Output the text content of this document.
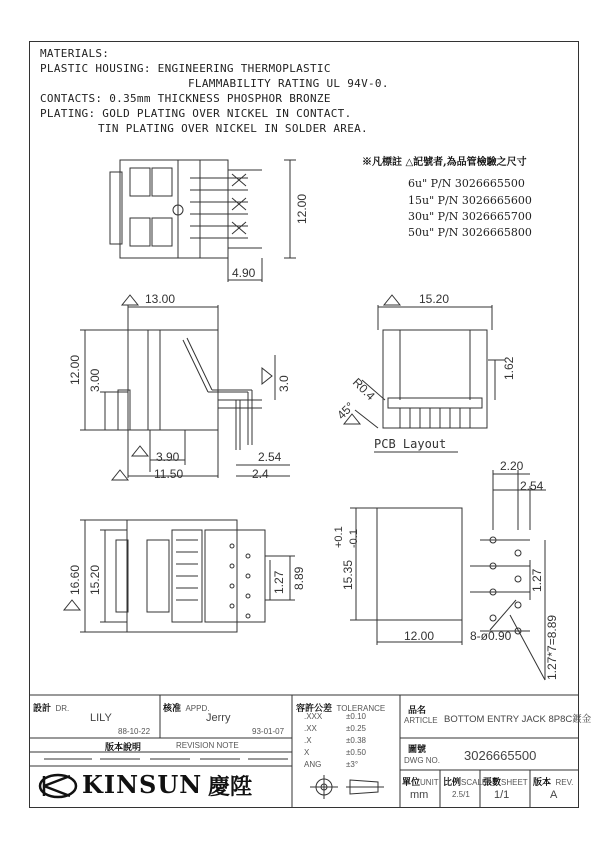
MATERIALS:
PLASTIC HOUSING: ENGINEERING THERMOPLASTIC
FLAMMABILITY RATING UL 94V-0.
CONTACTS: 0.35mm THICKNESS PHOSPHOR BRONZE
PLATING: GOLD PLATING OVER NICKEL IN CONTACT.
TIN PLATING OVER NICKEL IN SOLDER AREA.
※凡標註 △記號者,為品管檢驗之尺寸
6u" P/N 3026665500
15u" P/N 3026665600
30u" P/N 3026665700
50u" P/N 3026665800
12.00
4.90
13.00
12.00 3.00	3.0
3.90
11.50
2.54
2.4
15.20
1.62
R0.4
45°
PCB Layout
16.60 15.20	1.27 8.89
2.20
2.54
15.35
+0.1 -0.1
12.00
1.27
8-ø0.90	1.27*7=8.89
設計 DR.
LILY
88-10-22
核准 APPD.
Jerry
93-01-07
版本說明	REVISION NOTE
容許公差 TOLERANCE
.XXX	±0.10
.XX	±0.25
.X	±0.38
X	±0.50
ANG	±3°
品名
ARTICLE BOTTOM ENTRY JACK 8P8C鍍金
圖號
DWG NO. 3026665500
單位UNIT
mm
比例SCALE
2.5/1
張數SHEET
1/1
版本 REV.
A
KINSUN 慶陞
